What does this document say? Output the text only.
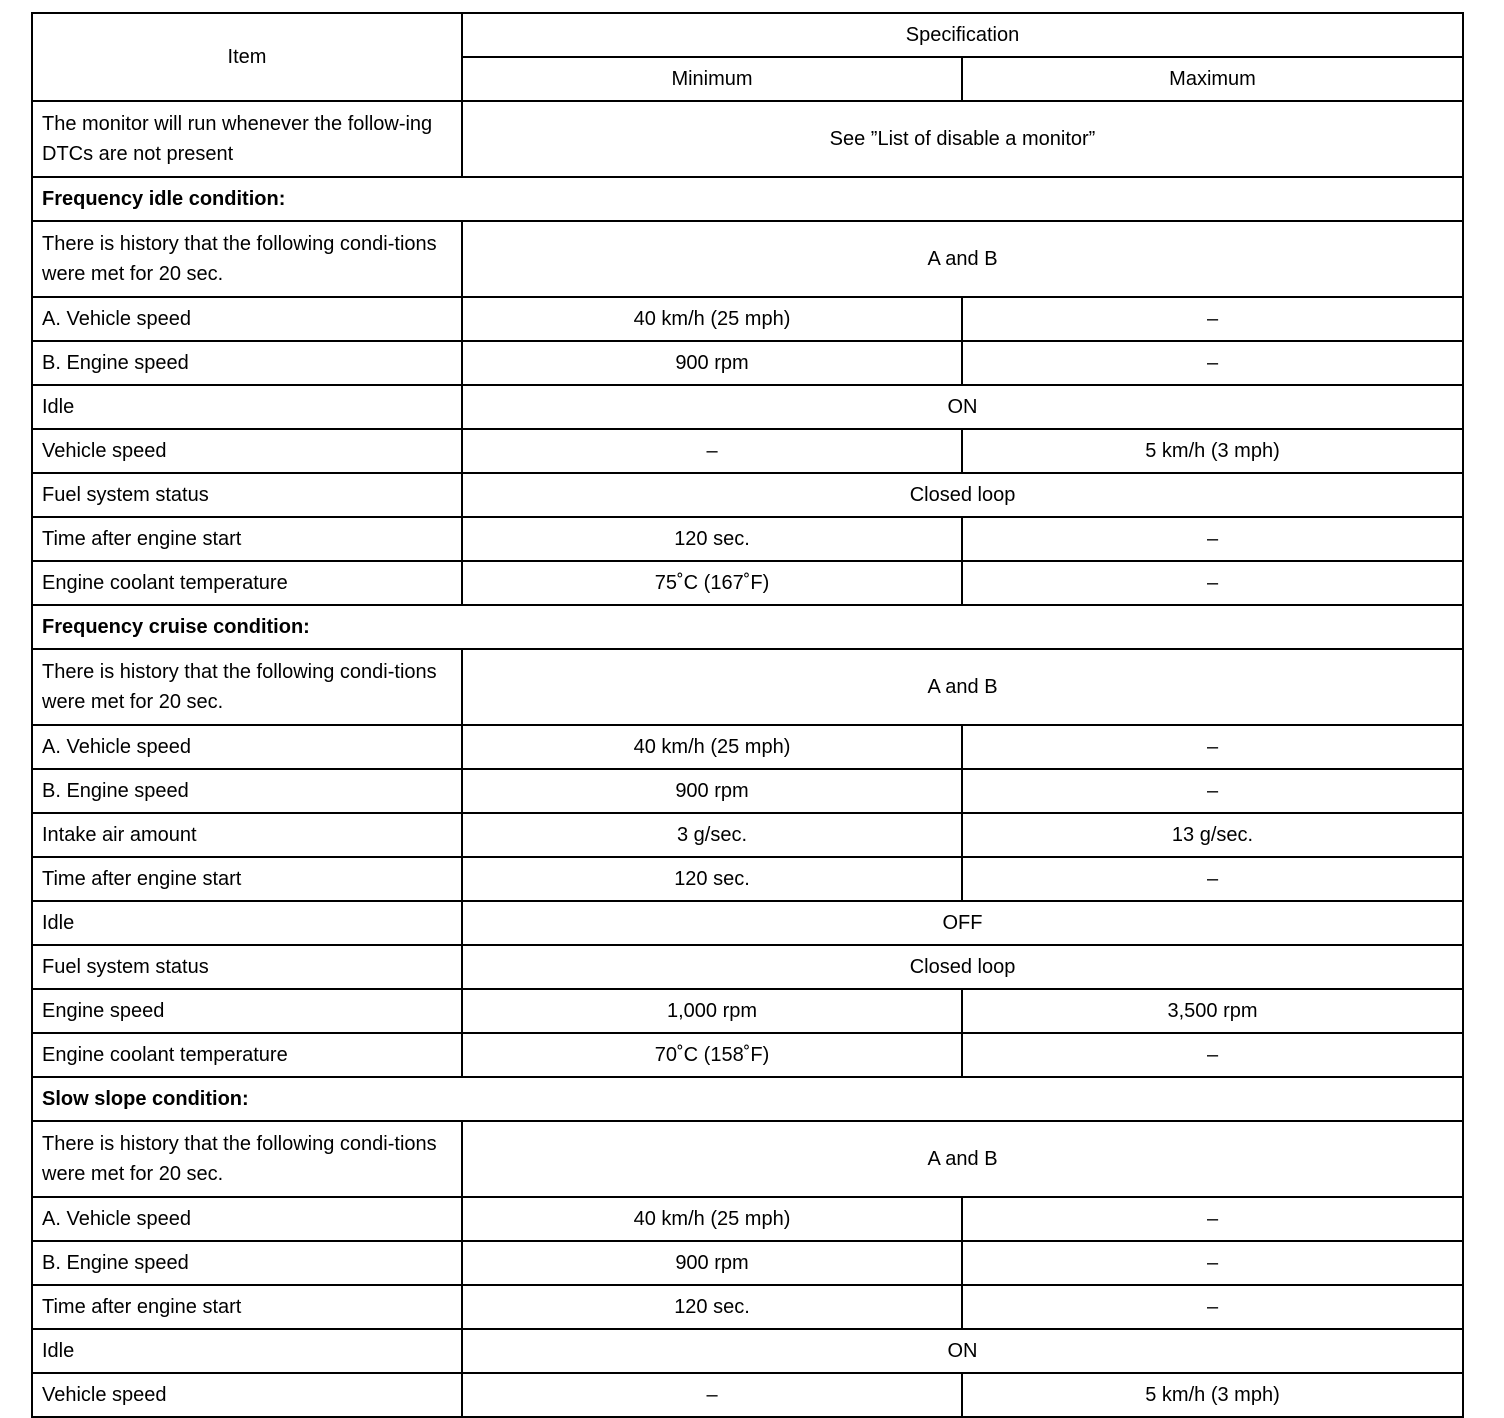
Item	Specification	
	Minimum	Maximum
The monitor will run whenever the follow-ing DTCs are not present	See ”List of disable a monitor”	
Frequency idle condition:		
There is history that the following condi-tions were met for 20 sec.	A and B	
A. Vehicle speed	40 km/h (25 mph)	–
B. Engine speed	900 rpm	–
Idle	ON	
Vehicle speed	–	5 km/h (3 mph)
Fuel system status	Closed loop	
Time after engine start	120 sec.	–
Engine coolant temperature	75˚C (167˚F)	–
Frequency cruise condition:		
There is history that the following condi-tions were met for 20 sec.	A and B	
A. Vehicle speed	40 km/h (25 mph)	–
B. Engine speed	900 rpm	–
Intake air amount	3 g/sec.	13 g/sec.
Time after engine start	120 sec.	–
Idle	OFF	
Fuel system status	Closed loop	
Engine speed	1,000 rpm	3,500 rpm
Engine coolant temperature	70˚C (158˚F)	–
Slow slope condition:		
There is history that the following condi-tions were met for 20 sec.	A and B	
A. Vehicle speed	40 km/h (25 mph)	–
B. Engine speed	900 rpm	–
Time after engine start	120 sec.	–
Idle	ON	
Vehicle speed	–	5 km/h (3 mph)
